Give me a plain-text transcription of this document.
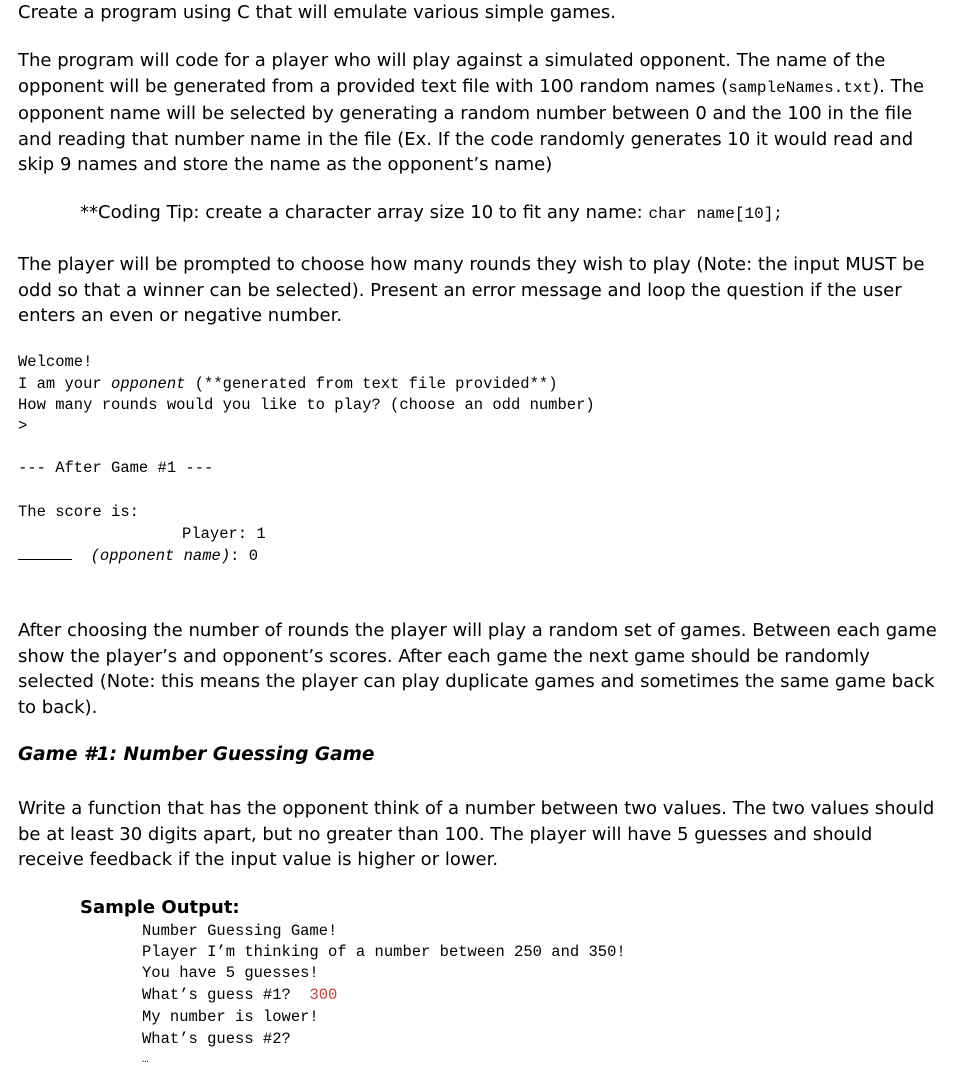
Create a program using C that will emulate various simple games.

The program will code for a player who will play against a simulated opponent. The name of the opponent will be generated from a provided text file with 100 random names (sampleNames.txt). The opponent name will be selected by generating a random number between 0 and the 100 in the file and reading that number name in the file (Ex. If the code randomly generates 10 it would read and skip 9 names and store the name as the opponent’s name)

**Coding Tip: create a character array size 10 to fit any name: char name[10];

The player will be prompted to choose how many rounds they wish to play (Note: the input MUST be odd so that a winner can be selected). Present an error message and loop the question if the user enters an even or negative number.

Welcome!
I am your opponent (**generated from text file provided**)
How many rounds would you like to play? (choose an odd number)
>
--- After Game #1 ---
The score is:
Player: 1
(opponent name): 0

After choosing the number of rounds the player will play a random set of games. Between each game show the player’s and opponent’s scores. After each game the next game should be randomly selected (Note: this means the player can play duplicate games and sometimes the same game back to back).

Game #1: Number Guessing Game

Write a function that has the opponent think of a number between two values. The two values should be at least 30 digits apart, but no greater than 100. The player will have 5 guesses and should receive feedback if the input value is higher or lower.

Sample Output:
Number Guessing Game!
Player I’m thinking of a number between 250 and 350!
You have 5 guesses!
What’s guess #1? 300
My number is lower!
What’s guess #2?
…
